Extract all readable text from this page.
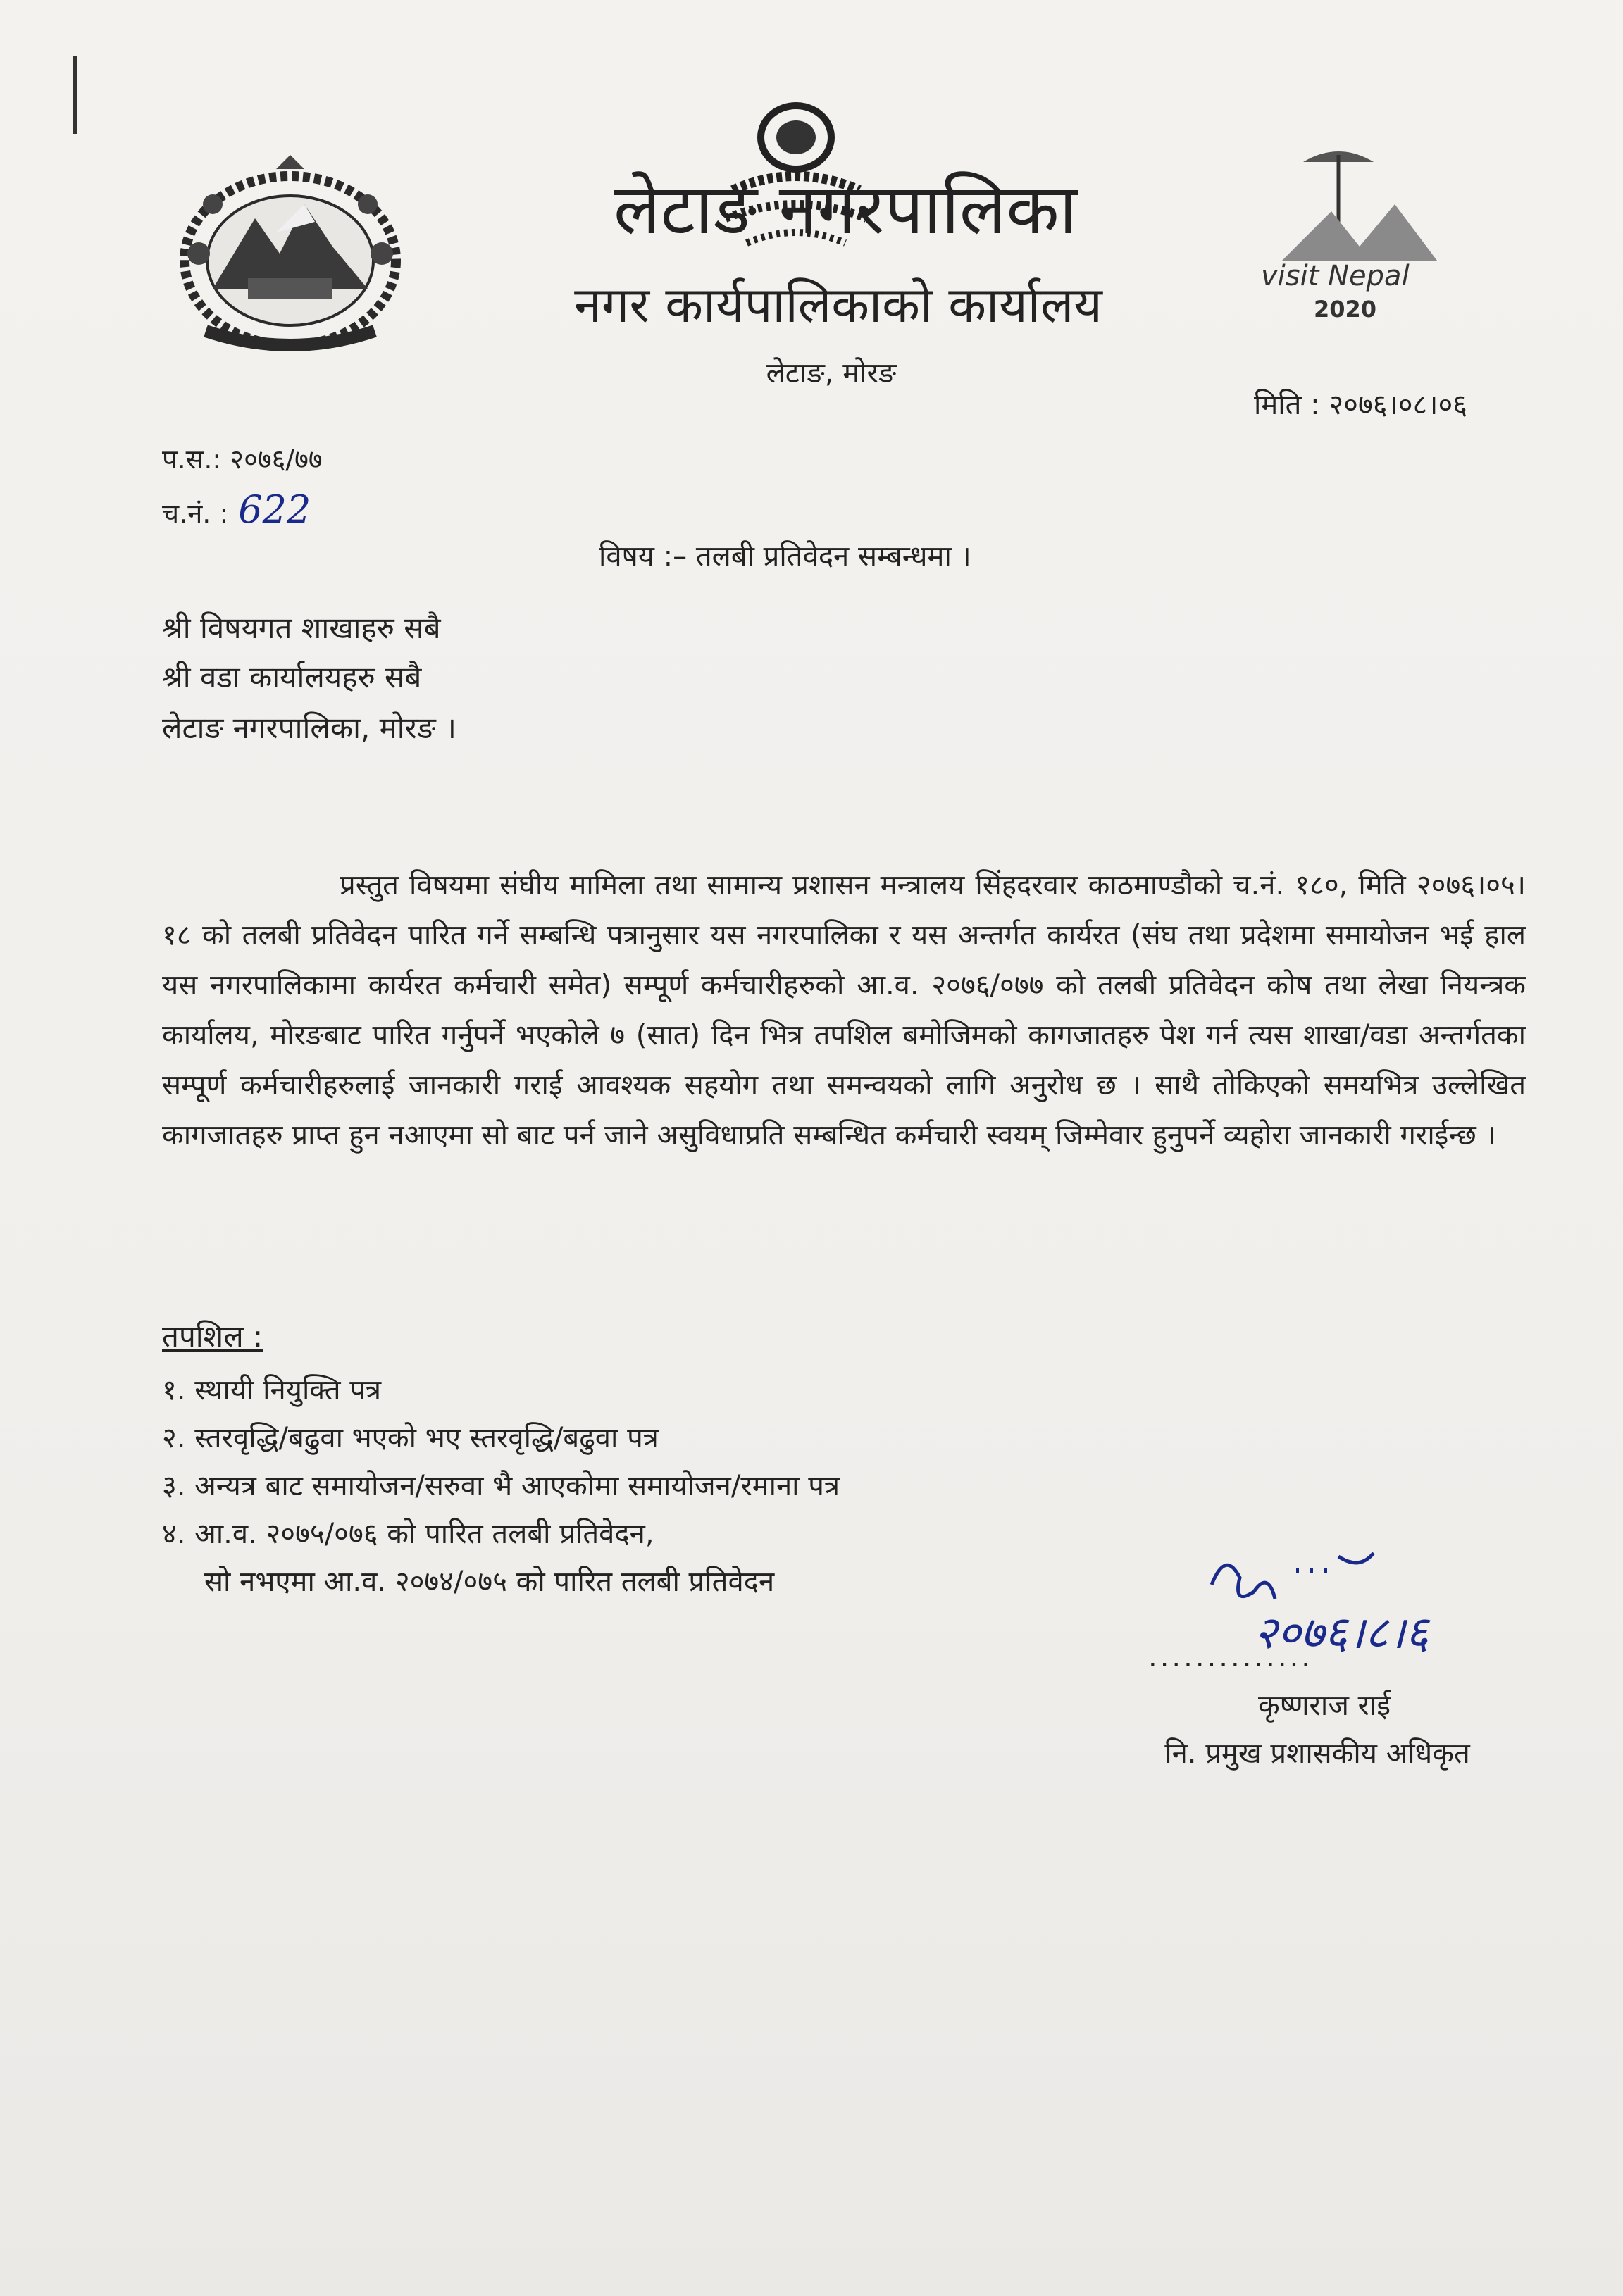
लेटाङ नगरपालिका
नगर कार्यपालिकाको कार्यालय
लेटाङ, मोरङ
visit Nepal
2020
मिति : २०७६।०८।०६
प.स.: २०७६/७७
च.नं. : 622
विषय :– तलबी प्रतिवेदन सम्बन्धमा ।
श्री विषयगत शाखाहरु सबै
श्री वडा कार्यालयहरु सबै
लेटाङ नगरपालिका, मोरङ ।
प्रस्तुत विषयमा संघीय मामिला तथा सामान्य प्रशासन मन्त्रालय सिंहदरवार काठमाण्डौको च.नं. १८०, मिति २०७६।०५।१८ को तलबी प्रतिवेदन पारित गर्ने सम्बन्धि पत्रानुसार यस नगरपालिका र यस अन्तर्गत कार्यरत (संघ तथा प्रदेशमा समायोजन भई हाल यस नगरपालिकामा कार्यरत कर्मचारी समेत) सम्पूर्ण कर्मचारीहरुको आ.व. २०७६/०७७ को तलबी प्रतिवेदन कोष तथा लेखा नियन्त्रक कार्यालय, मोरङबाट पारित गर्नुपर्ने भएकोले ७ (सात) दिन भित्र तपशिल बमोजिमको कागजातहरु पेश गर्न त्यस शाखा/वडा अन्तर्गतका सम्पूर्ण कर्मचारीहरुलाई जानकारी गराई आवश्यक सहयोग तथा समन्वयको लागि अनुरोध छ । साथै तोकिएको समयभित्र उल्लेखित कागजातहरु प्राप्त हुन नआएमा सो बाट पर्न जाने असुविधाप्रति सम्बन्धित कर्मचारी स्वयम् जिम्मेवार हुनुपर्ने व्यहोरा जानकारी गराईन्छ ।
तपशिल :
१. स्थायी नियुक्ति पत्र
२. स्तरवृद्धि/बढुवा भएको भए स्तरवृद्धि/बढुवा पत्र
३. अन्यत्र बाट समायोजन/सरुवा भै आएकोमा समायोजन/रमाना पत्र
४. आ.व. २०७५/०७६ को पारित तलबी प्रतिवेदन,
सो नभएमा आ.व. २०७४/०७५ को पारित तलबी प्रतिवेदन
२०७६।८।६
..............
कृष्णराज राई
नि. प्रमुख प्रशासकीय अधिकृत
